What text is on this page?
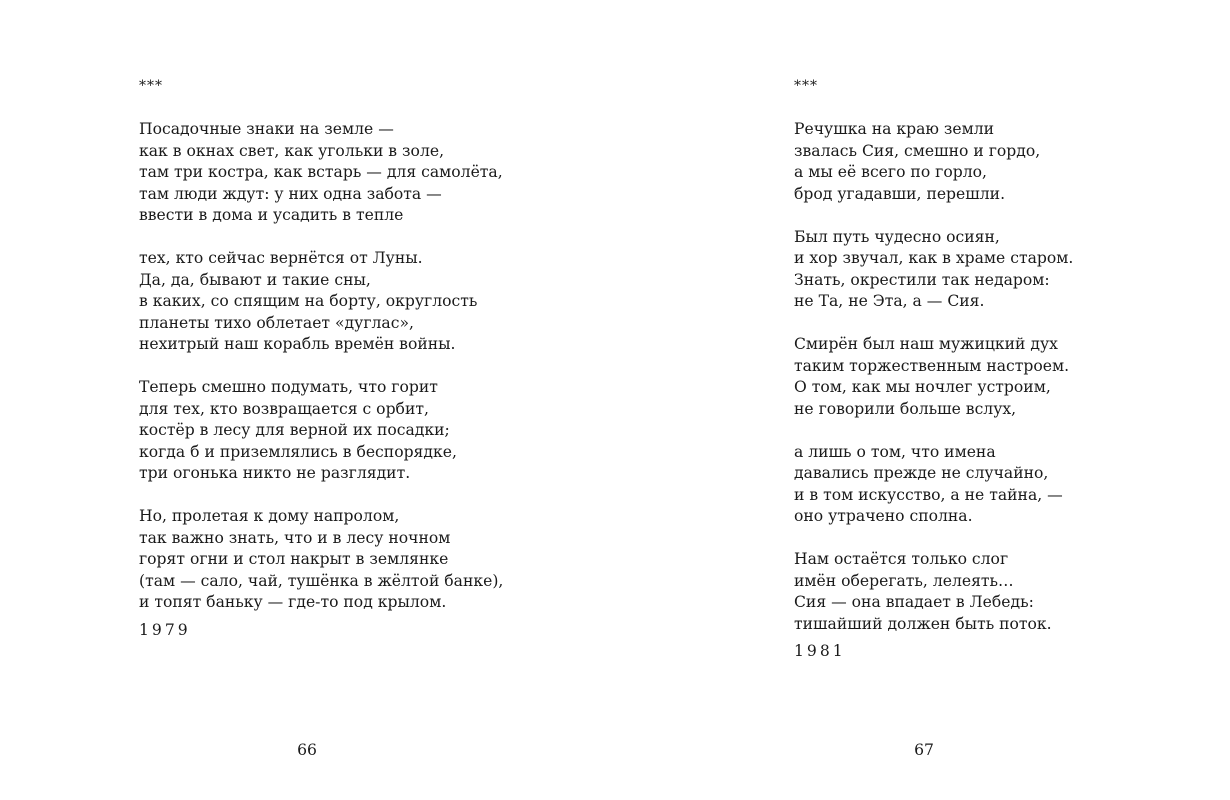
***

Посадочные знаки на земле —
как в окнах свет, как угольки в золе,
там три костра, как встарь — для самолёта,
там люди ждут: у них одна забота —
ввести в дома и усадить в тепле

тех, кто сейчас вернётся от Луны.
Да, да, бывают и такие сны,
в каких, со спящим на борту, округлость
планеты тихо облетает «дуглас»,
нехитрый наш корабль времён войны.

Теперь смешно подумать, что горит
для тех, кто возвращается с орбит,
костёр в лесу для верной их посадки;
когда б и приземлялись в беспорядке,
три огонька никто не разглядит.

Но, пролетая к дому напролом,
так важно знать, что и в лесу ночном
горят огни и стол накрыт в землянке
(там — сало, чай, тушёнка в жёлтой банке),
и топят баньку — где-то под крылом.

1979
66
***

Речушка на краю земли
звалась Сия, смешно и гордо,
а мы её всего по горло,
брод угадавши, перешли.

Был путь чудесно осиян,
и хор звучал, как в храме старом.
Знать, окрестили так недаром:
не Та, не Эта, а — Сия.

Смирён был наш мужицкий дух
таким торжественным настроем.
О том, как мы ночлег устроим,
не говорили больше вслух,

а лишь о том, что имена
давались прежде не случайно,
и в том искусство, а не тайна, —
оно утрачено сполна.

Нам остаётся только слог
имён оберегать, лелеять…
Сия — она впадает в Лебедь:
тишайший должен быть поток.

1981
67
